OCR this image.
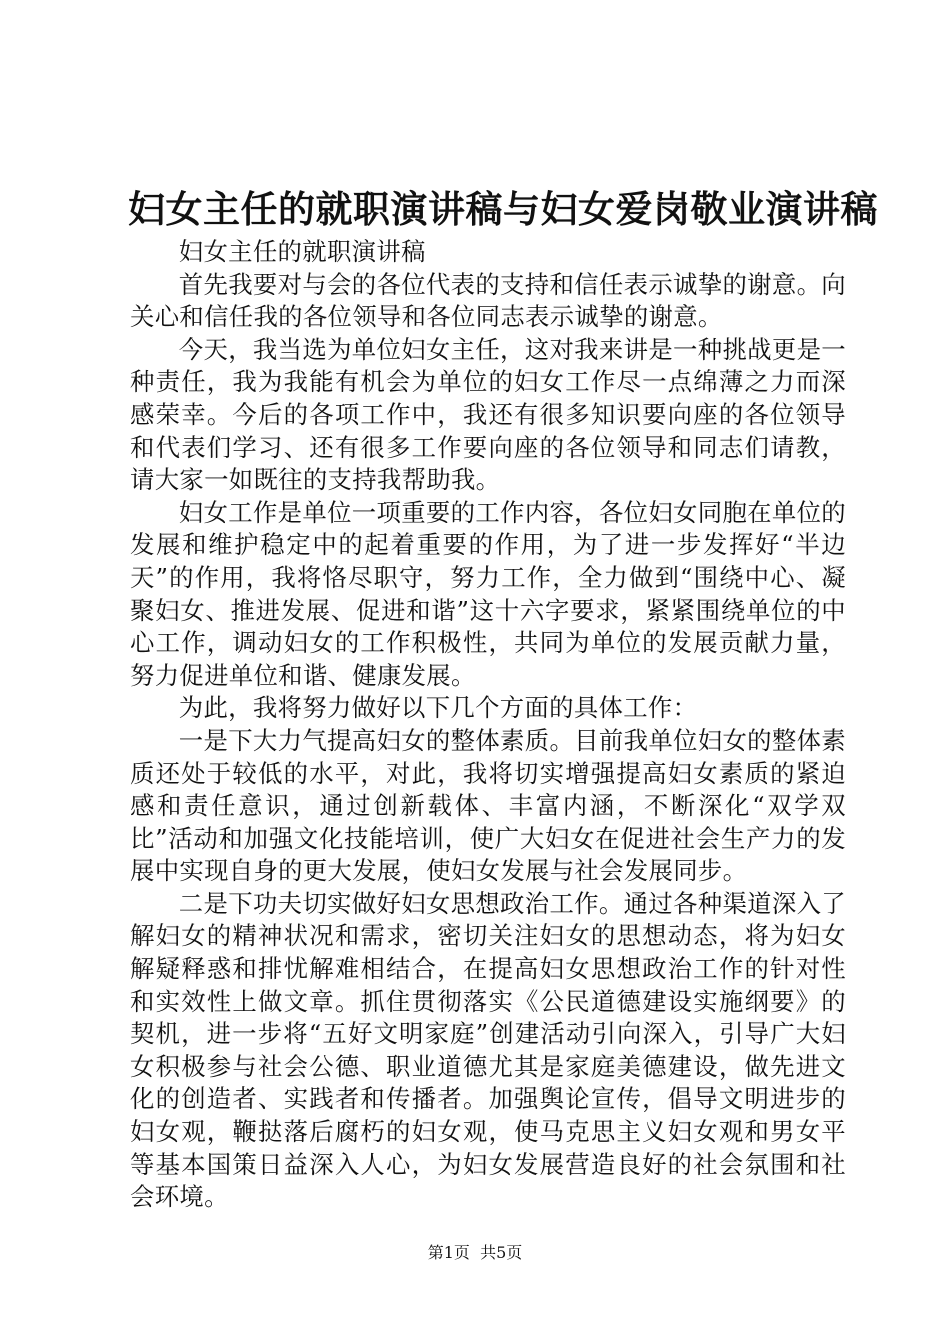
妇女主任的就职演讲稿与妇女爱岗敬业演讲稿

妇女主任的就职演讲稿

首先我要对与会的各位代表的支持和信任表示诚挚的谢意。向关心和信任我的各位领导和各位同志表示诚挚的谢意。

今天，我当选为单位妇女主任，这对我来讲是一种挑战更是一种责任，我为我能有机会为单位的妇女工作尽一点绵薄之力而深感荣幸。今后的各项工作中，我还有很多知识要向座的各位领导和代表们学习、还有很多工作要向座的各位领导和同志们请教，请大家一如既往的支持我帮助我。

妇女工作是单位一项重要的工作内容，各位妇女同胞在单位的发展和维护稳定中的起着重要的作用，为了进一步发挥好“半边天”的作用，我将恪尽职守，努力工作，全力做到“围绕中心、凝聚妇女、推进发展、促进和谐”这十六字要求，紧紧围绕单位的中心工作，调动妇女的工作积极性，共同为单位的发展贡献力量，努力促进单位和谐、健康发展。

为此，我将努力做好以下几个方面的具体工作：

一是下大力气提高妇女的整体素质。目前我单位妇女的整体素质还处于较低的水平，对此，我将切实增强提高妇女素质的紧迫感和责任意识，通过创新载体、丰富内涵，不断深化“双学双比”活动和加强文化技能培训，使广大妇女在促进社会生产力的发展中实现自身的更大发展，使妇女发展与社会发展同步。

二是下功夫切实做好妇女思想政治工作。通过各种渠道深入了解妇女的精神状况和需求，密切关注妇女的思想动态，将为妇女解疑释惑和排忧解难相结合，在提高妇女思想政治工作的针对性和实效性上做文章。抓住贯彻落实《公民道德建设实施纲要》的契机，进一步将“五好文明家庭”创建活动引向深入，引导广大妇女积极参与社会公德、职业道德尤其是家庭美德建设，做先进文化的创造者、实践者和传播者。加强舆论宣传，倡导文明进步的妇女观，鞭挞落后腐朽的妇女观，使马克思主义妇女观和男女平等基本国策日益深入人心，为妇女发展营造良好的社会氛围和社会环境。

第1页  共5页
